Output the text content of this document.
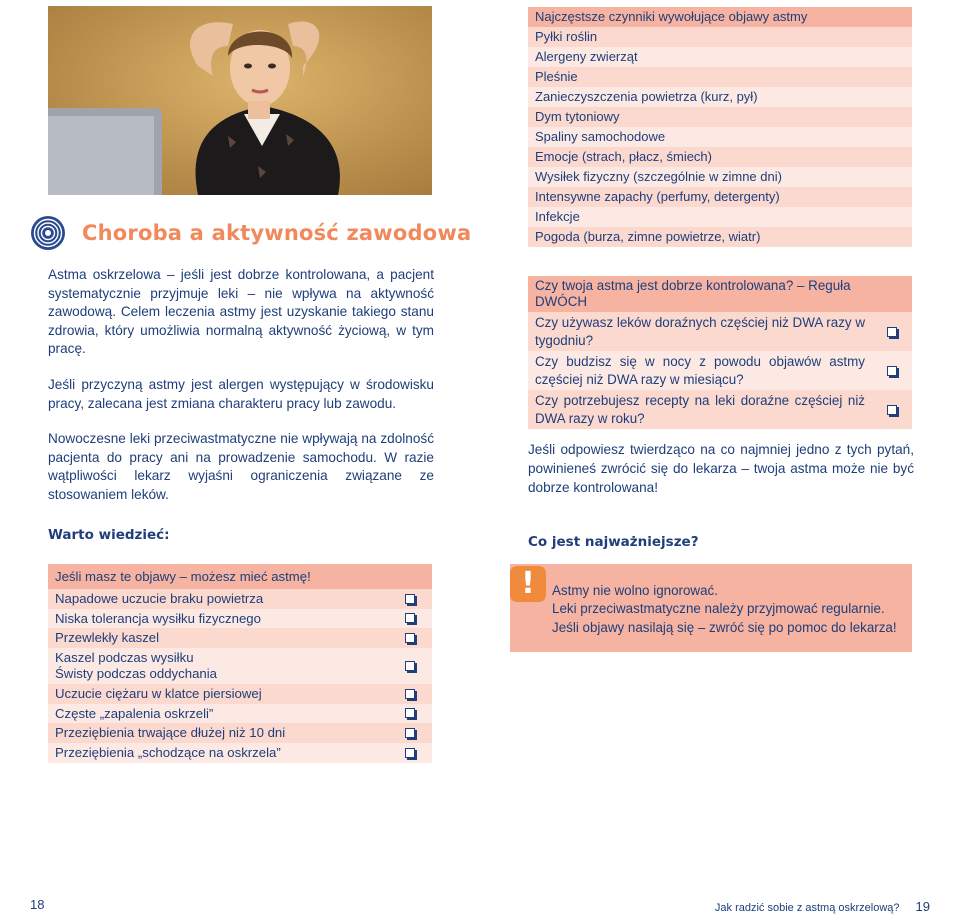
Choroba a aktywność zawodowa

Astma oskrzelowa – jeśli jest dobrze kontrolowana, a pacjent systematycznie przyjmuje leki – nie wpływa na aktywność zawodową. Celem leczenia astmy jest uzyskanie takiego stanu zdrowia, który umożliwia normalną aktywność życiową, w tym pracę.

Jeśli przyczyną astmy jest alergen występujący w środowisku pracy, zalecana jest zmiana charakteru pracy lub zawodu.

Nowoczesne leki przeciwastmatyczne nie wpływają na zdolność pacjenta do pracy ani na prowadzenie samochodu. W razie wątpliwości lekarz wyjaśni ograniczenia związane ze stosowaniem leków.

Warto wiedzieć:
Jeśli masz te objawy – możesz mieć astmę!
Napadowe uczucie braku powietrza
Niska tolerancja wysiłku fizycznego
Przewlekły kaszel
Kaszel podczas wysiłku
Świsty podczas oddychania
Uczucie ciężaru w klatce piersiowej
Częste „zapalenia oskrzeli”
Przeziębienia trwające dłużej niż 10 dni
Przeziębienia „schodzące na oskrzela”
Najczęstsze czynniki wywołujące objawy astmy
Pyłki roślin
Alergeny zwierząt
Pleśnie
Zanieczyszczenia powietrza (kurz, pył)
Dym tytoniowy
Spaliny samochodowe
Emocje (strach, płacz, śmiech)
Wysiłek fizyczny (szczególnie w zimne dni)
Intensywne zapachy (perfumy, detergenty)
Infekcje
Pogoda (burza, zimne powietrze, wiatr)
Czy twoja astma jest dobrze kontrolowana? – Reguła DWÓCH
Czy używasz leków doraźnych częściej niż DWA razy w tygodniu?
Czy budzisz się w nocy z powodu objawów astmy częściej niż DWA razy w miesiącu?
Czy potrzebujesz recepty na leki doraźne częściej niż DWA razy w roku?

Jeśli odpowiesz twierdząco na co najmniej jedno z tych pytań, powinieneś zwrócić się do lekarza – twoja astma może nie być dobrze kontrolowana!

Co jest najważniejsze?
!	Astmy nie wolno ignorować.
Leki przeciwastmatyczne należy przyjmować regularnie.
Jeśli objawy nasilają się – zwróć się po pomoc do lekarza!
18	Jak radzić sobie z astmą oskrzelową? 19
